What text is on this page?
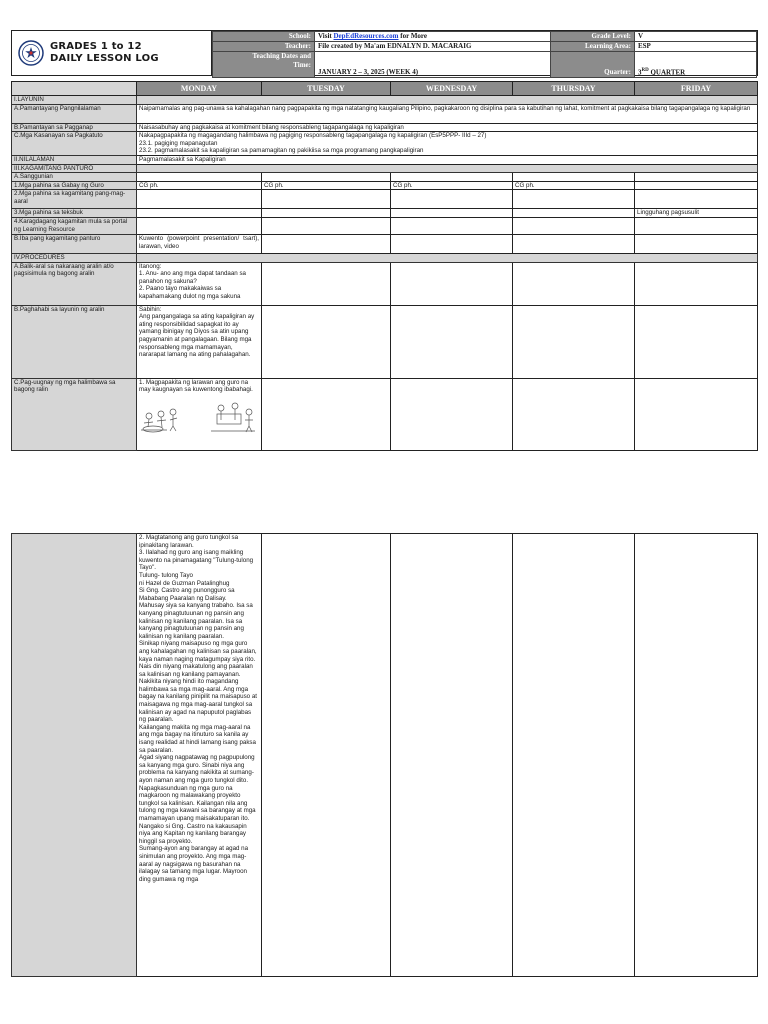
GRADES 1 to 12
DAILY LESSON LOG
School:	Visit DepEdResources.com for More	Grade Level:	V
Teacher:	File created by Ma'am EDNALYN D. MACARAIG	Learning Area:	ESP
Teaching Dates and
Time:	JANUARY 2 – 3, 2025 (WEEK 4)	Quarter:	3RD QUARTER
	MONDAY	TUESDAY	WEDNESDAY	THURSDAY	FRIDAY
I.LAYUNIN					
A.Pamantayang Pangnilalaman	Naipamamalas ang pag-unawa sa kahalagahan nang pagpapakita ng mga natatanging kaugaliang Pilipino, pagkakaroon ng disiplina para sa kabutihan ng lahat, komitment at pagkakaisa bilang tagapangalaga ng kapaligiran				
B.Pamantayan sa Pagganap	Naisasabuhay ang pagkakaisa at komitment bilang responsableng tagapangalaga ng kapaligiran				
C.Mga Kasanayan sa Pagkatuto	Nakapagpapakita ng magagandang halimbawa ng pagiging responsableng tagapangalaga ng kapaligiran (EsP5PPP- IIId – 27)
23.1. pagiging mapanagutan
23.2. pagmamalasakit sa kapaligiran sa pamamagitan ng pakikiisa sa mga programang pangkapaligiran				

II.NILALAMAN	Pagmamalasakit sa Kapaligiran				
III.KAGAMITANG PANTURO					
A.Sanggunian					
1.Mga pahina sa Gabay ng Guro	CG ph.	CG ph.	CG ph.	CG ph.	
2.Mga pahina sa kagamitang pang-mag-aaral					
3.Mga pahina sa teksbuk					Lingguhang pagsusulit
4.Karagdagang kagamitan mula sa portal ng Learning Resource					
B.Iba pang kagamitang panturo	Kuwento (powerpoint presentation/ tsart), larawan, video				
IV.PROCEDURES					
A.Balik-aral sa nakaraang aralin at/o pagsisimula ng bagong aralin	Itanong:
1. Anu- ano ang mga dapat tandaan sa panahon ng sakuna?
2. Paano tayo makakaiwas sa kapahamakang dulot ng mga sakuna				

B.Paghahabi sa layunin ng aralin	Sabihin:
Ang pangangalaga sa ating kapaligiran ay ating responsibilidad sapagkat ito ay yamang ibinigay ng Diyos sa atin upang pagyamanin at pangalagaan. Bilang mga responsableng mga mamamayan, nararapat lamang na ating pahalagahan.				

C.Pag-uugnay ng mga halimbawa sa bagong ralin	1. Magpapakita ng larawan ang guro na may kaugnayan sa kuwentong ibabahagi.				

2. Magtatanong ang guro tungkol sa ipinakitang larawan.
3. Ilalahad ng guro ang isang maikling kuwento na pinamagatang "Tulung-tulong Tayo".
Tulung- tulong Tayo
ni Hazel de Guzman Patalinghug
Si Gng. Castro ang punongguro sa Mababang Paaralan ng Dalisay.
Mahusay siya sa kanyang trabaho. Isa sa kanyang pinagtutuunan ng pansin ang kalinisan ng kanilang paaralan. Isa sa kanyang pinagtutuunan ng pansin ang kalinisan ng kanilang paaralan.
Sinikap niyang maisapuso ng mga guro ang kahalagahan ng kalinisan sa paaralan, kaya naman naging matagumpay siya rito. Nais din niyang makatulong ang paaralan sa kalinisan ng kanilang pamayanan.
Nakikita niyang hindi ito magandang halimbawa sa mga mag-aaral. Ang mga bagay na kanilang pinipilit na maisapuso at maisagawa ng mga mag-aaral tungkol sa kalinisan ay agad na napuputol paglabas ng paaralan.
Kailangang makita ng mga mag-aaral na ang mga bagay na itinuturo sa kanila ay isang realidad at hindi lamang isang paksa sa paaralan.
Agad siyang nagpatawag ng pagpupulong sa kanyang mga guro. Sinabi niya ang problema na kanyang nakikita at sumang-ayon naman ang mga guro tungkol dito.
Napagkasunduan ng mga guro na magkaroon ng malawakang proyekto tungkol sa kalinisan. Kailangan nila ang tulong ng mga kawani sa barangay at mga mamamayan upang maisakatuparan ito. Nangako si Gng. Castro na kakausapin niya ang Kapitan ng kanilang barangay hinggil sa proyekto.
Sumang-ayon ang barangay at agad na sinimulan ang proyekto. Ang mga mag-aaral ay nagsigawa ng basurahan na ilalagay sa tamang mga lugar. Mayroon ding gumawa ng mga
